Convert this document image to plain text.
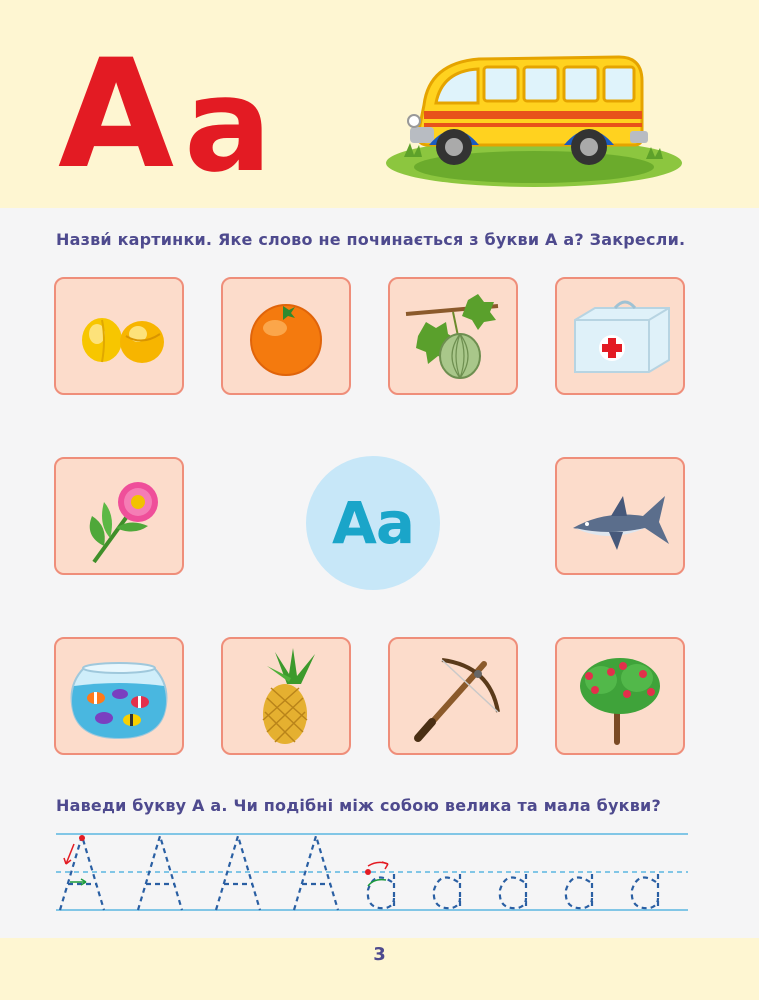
A a
Назви́ картинки. Яке слово не починається з букви А а? Закресли.
Aa
Наведи букву А а. Чи подібні між собою велика та мала букви?
3
